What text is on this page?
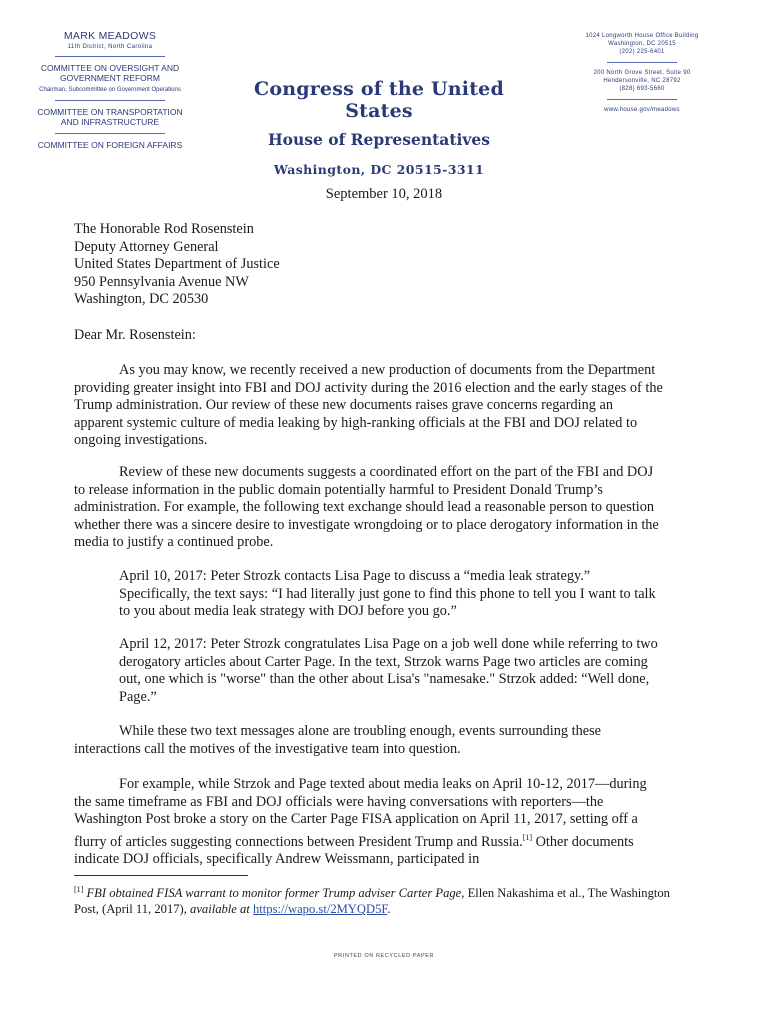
MARK MEADOWS
11th District, North Carolina
COMMITTEE ON OVERSIGHT AND GOVERNMENT REFORM
Chairman, Subcommittee on Government Operations
COMMITTEE ON TRANSPORTATION AND INFRASTRUCTURE
COMMITTEE ON FOREIGN AFFAIRS
Congress of the United States
House of Representatives
Washington, DC 20515-3311
1024 Longworth House Office Building
Washington, DC 20515
(202) 225-6401
200 North Grove Street, Suite 90
Hendersonville, NC 28792
(828) 693-5660
www.house.gov/meadows
September 10, 2018
The Honorable Rod Rosenstein
Deputy Attorney General
United States Department of Justice
950 Pennsylvania Avenue NW
Washington, DC 20530
Dear Mr. Rosenstein:

As you may know, we recently received a new production of documents from the Department providing greater insight into FBI and DOJ activity during the 2016 election and the early stages of the Trump administration. Our review of these new documents raises grave concerns regarding an apparent systemic culture of media leaking by high-ranking officials at the FBI and DOJ related to ongoing investigations.

Review of these new documents suggests a coordinated effort on the part of the FBI and DOJ to release information in the public domain potentially harmful to President Donald Trump’s administration. For example, the following text exchange should lead a reasonable person to question whether there was a sincere desire to investigate wrongdoing or to place derogatory information in the media to justify a continued probe.

April 10, 2017: Peter Strozk contacts Lisa Page to discuss a “media leak strategy.” Specifically, the text says: “I had literally just gone to find this phone to tell you I want to talk to you about media leak strategy with DOJ before you go.”
April 12, 2017: Peter Strozk congratulates Lisa Page on a job well done while referring to two derogatory articles about Carter Page. In the text, Strzok warns Page two articles are coming out, one which is "worse" than the other about Lisa's "namesake." Strzok added: “Well done, Page.”

While these two text messages alone are troubling enough, events surrounding these interactions call the motives of the investigative team into question.

For example, while Strzok and Page texted about media leaks on April 10-12, 2017—during the same timeframe as FBI and DOJ officials were having conversations with reporters—the Washington Post broke a story on the Carter Page FISA application on April 11, 2017, setting off a flurry of articles suggesting connections between President Trump and Russia.[1] Other documents indicate DOJ officials, specifically Andrew Weissmann, participated in

[1] FBI obtained FISA warrant to monitor former Trump adviser Carter Page, Ellen Nakashima et al., The Washington Post, (April 11, 2017), available at https://wapo.st/2MYQD5F.
PRINTED ON RECYCLED PAPER
